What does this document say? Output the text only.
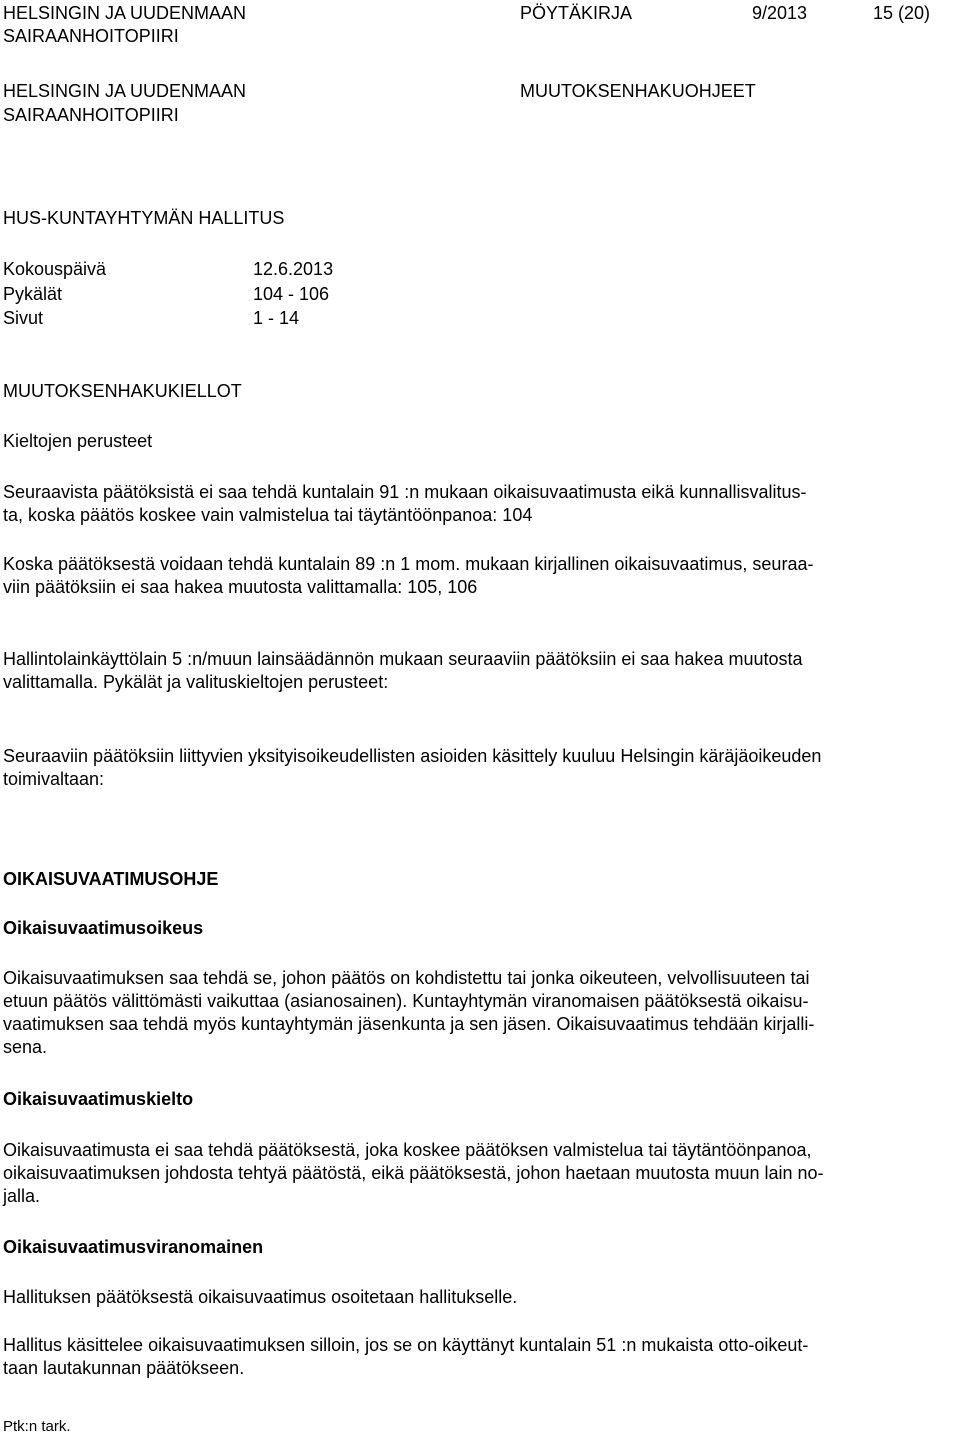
HELSINGIN JA UUDENMAAN
SAIRAANHOITOPIIRI
PÖYTÄKIRJA	9/2013	15 (20)
HELSINGIN JA UUDENMAAN
SAIRAANHOITOPIIRI
MUUTOKSENHAKUOHJEET
HUS-KUNTAYHTYMÄN HALLITUS
Kokouspäivä	12.6.2013
Pykälät	104 - 106
Sivut	1 - 14
MUUTOKSENHAKUKIELLOT
Kieltojen perusteet
Seuraavista päätöksistä ei saa tehdä kuntalain 91 :n mukaan oikaisuvaatimusta eikä kunnallisvalitus-
ta, koska päätös koskee vain valmistelua tai täytäntöönpanoa: 104
Koska päätöksestä voidaan tehdä kuntalain 89 :n 1 mom. mukaan kirjallinen oikaisuvaatimus, seuraa-
viin päätöksiin ei saa hakea muutosta valittamalla: 105, 106
Hallintolainkäyttölain 5 :n/muun lainsäädännön mukaan seuraaviin päätöksiin ei saa hakea muutosta
valittamalla. Pykälät ja valituskieltojen perusteet:
Seuraaviin päätöksiin liittyvien yksityisoikeudellisten asioiden käsittely kuuluu Helsingin käräjäoikeuden
toimivaltaan:
OIKAISUVAATIMUSOHJE
Oikaisuvaatimusoikeus
Oikaisuvaatimuksen saa tehdä se, johon päätös on kohdistettu tai jonka oikeuteen, velvollisuuteen tai
etuun päätös välittömästi vaikuttaa (asianosainen). Kuntayhtymän viranomaisen päätöksestä oikaisu-
vaatimuksen saa tehdä myös kuntayhtymän jäsenkunta ja sen jäsen. Oikaisuvaatimus tehdään kirjalli-
sena.
Oikaisuvaatimuskielto
Oikaisuvaatimusta ei saa tehdä päätöksestä, joka koskee päätöksen valmistelua tai täytäntöönpanoa,
oikaisuvaatimuksen johdosta tehtyä päätöstä, eikä päätöksestä, johon haetaan muutosta muun lain no-
jalla.
Oikaisuvaatimusviranomainen
Hallituksen päätöksestä oikaisuvaatimus osoitetaan hallitukselle.
Hallitus käsittelee oikaisuvaatimuksen silloin, jos se on käyttänyt kuntalain 51 :n mukaista otto-oikeut-
taan lautakunnan päätökseen.
Ptk:n tark.
